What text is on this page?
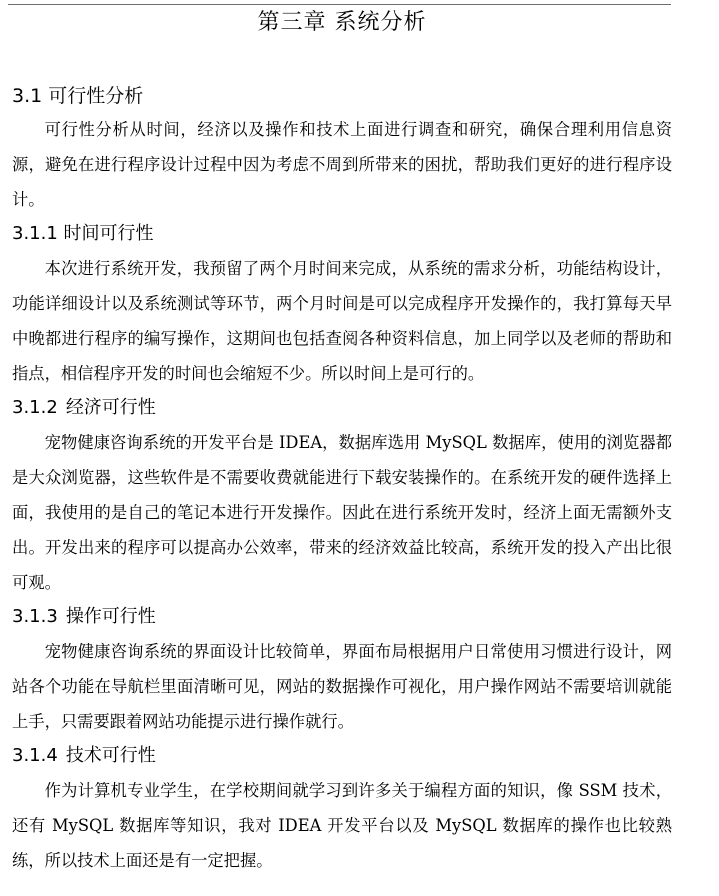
第三章 系统分析
3.1 可行性分析

可行性分析从时间，经济以及操作和技术上面进行调查和研究，确保合理利用信息资源，避免在进行程序设计过程中因为考虑不周到所带来的困扰，帮助我们更好的进行程序设计。

3.1.1 时间可行性

本次进行系统开发，我预留了两个月时间来完成，从系统的需求分析，功能结构设计，功能详细设计以及系统测试等环节，两个月时间是可以完成程序开发操作的，我打算每天早中晚都进行程序的编写操作，这期间也包括查阅各种资料信息，加上同学以及老师的帮助和指点，相信程序开发的时间也会缩短不少。所以时间上是可行的。

3.1.2 经济可行性

宠物健康咨询系统的开发平台是 IDEA，数据库选用 MySQL 数据库，使用的浏览器都是大众浏览器，这些软件是不需要收费就能进行下载安装操作的。在系统开发的硬件选择上面，我使用的是自己的笔记本进行开发操作。因此在进行系统开发时，经济上面无需额外支出。开发出来的程序可以提高办公效率，带来的经济效益比较高，系统开发的投入产出比很可观。

3.1.3 操作可行性

宠物健康咨询系统的界面设计比较简单，界面布局根据用户日常使用习惯进行设计，网站各个功能在导航栏里面清晰可见，网站的数据操作可视化，用户操作网站不需要培训就能上手，只需要跟着网站功能提示进行操作就行。

3.1.4 技术可行性

作为计算机专业学生，在学校期间就学习到许多关于编程方面的知识，像 SSM 技术，还有 MySQL 数据库等知识，我对 IDEA 开发平台以及 MySQL 数据库的操作也比较熟练，所以技术上面还是有一定把握。
